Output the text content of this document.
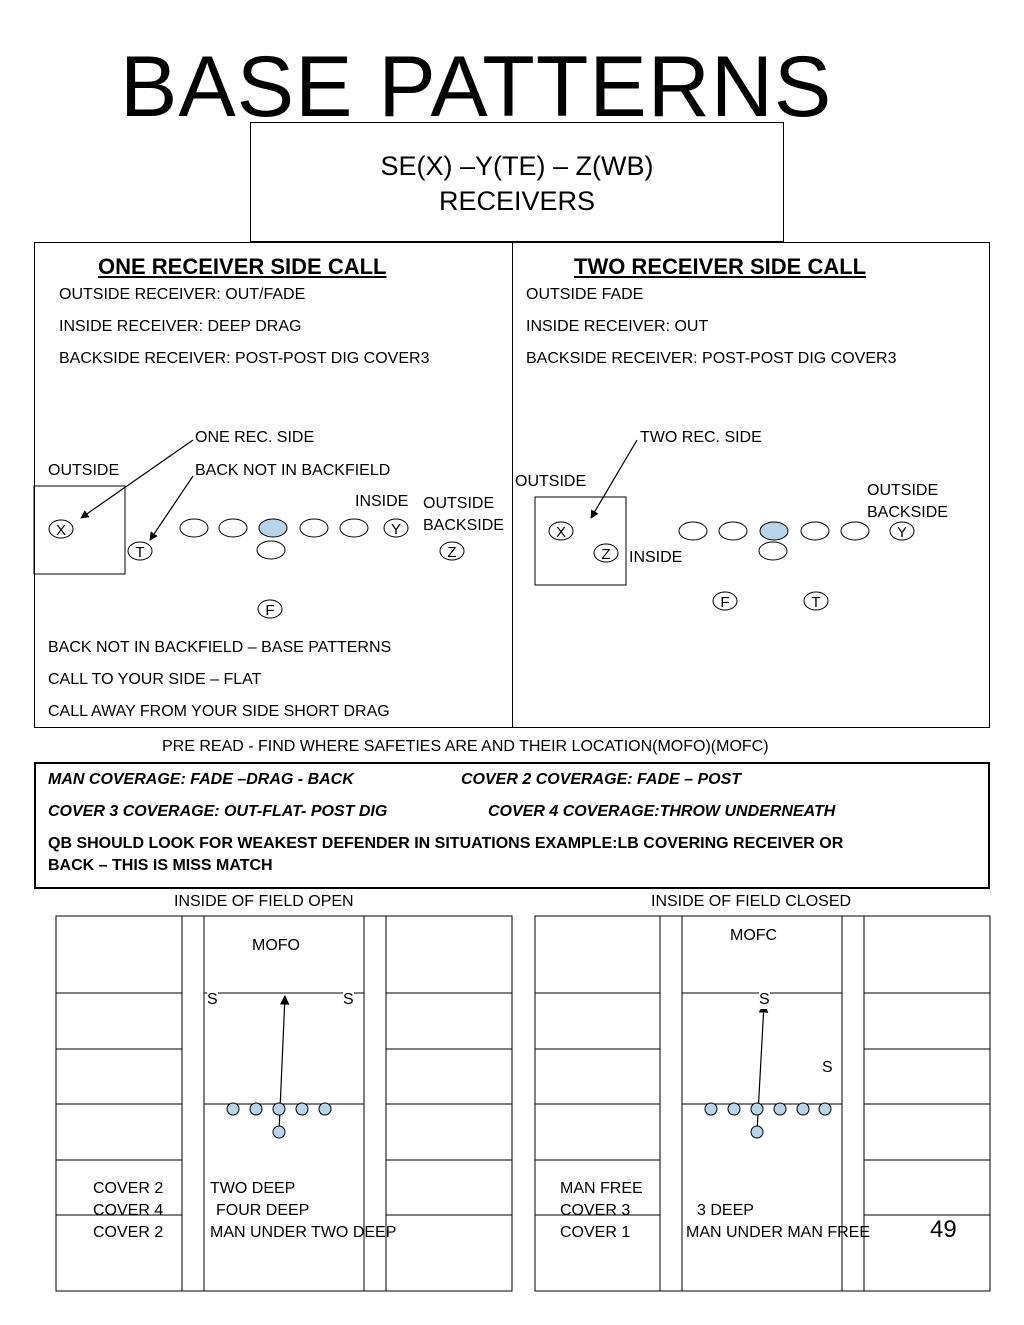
BASE PATTERNS
SE(X) –Y(TE) – Z(WB)
RECEIVERS
ONE RECEIVER SIDE CALL
OUTSIDE RECEIVER: OUT/FADE
INSIDE RECEIVER: DEEP DRAG
BACKSIDE RECEIVER: POST-POST DIG COVER3
ONE REC. SIDE
BACK NOT IN BACKFIELD
OUTSIDE
INSIDE OUTSIDE
BACKSIDE
BACK NOT IN BACKFIELD – BASE PATTERNS
CALL TO YOUR SIDE – FLAT
CALL AWAY FROM YOUR SIDE SHORT DRAG
TWO RECEIVER SIDE CALL
OUTSIDE FADE
INSIDE RECEIVER: OUT
BACKSIDE RECEIVER: POST-POST DIG COVER3
TWO REC. SIDE
OUTSIDE
INSIDE
OUTSIDE
BACKSIDE
X
T
Y
Z
F
X
Z
Y
F	T
PRE READ - FIND WHERE SAFETIES ARE AND THEIR LOCATION(MOFO)(MOFC)
MAN COVERAGE: FADE –DRAG - BACK	COVER 2 COVERAGE: FADE – POST
COVER 3 COVERAGE: OUT-FLAT- POST DIG	COVER 4 COVERAGE:THROW UNDERNEATH
QB SHOULD LOOK FOR WEAKEST DEFENDER IN SITUATIONS EXAMPLE:LB COVERING RECEIVER OR
BACK – THIS IS MISS MATCH
INSIDE OF FIELD OPEN	INSIDE OF FIELD CLOSED
MOFO
S	S
COVER 2	TWO DEEP
COVER 4	FOUR DEEP
COVER 2	MAN UNDER TWO DEEP
MOFC
S
S
MAN FREE
COVER 3	3 DEEP
COVER 1	MAN UNDER MAN FREE 49
